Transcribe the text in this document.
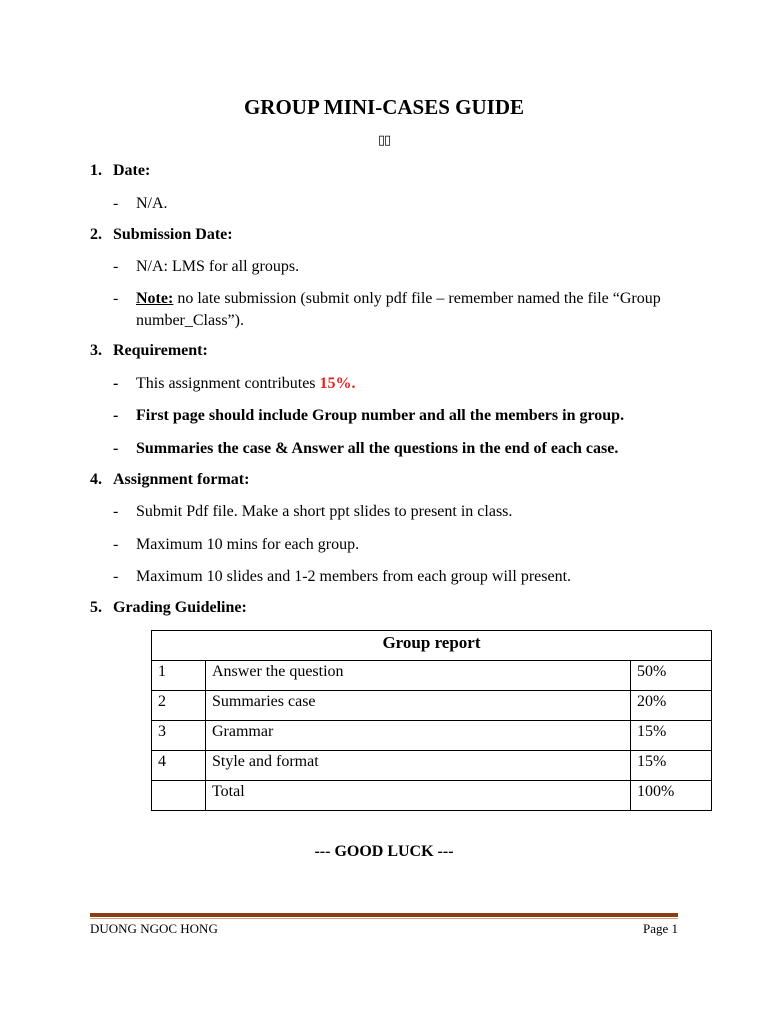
GROUP MINI-CASES GUIDE
▯▯
1. Date:
- N/A.
2. Submission Date:
- N/A: LMS for all groups.
- Note: no late submission (submit only pdf file – remember named the file “Group number_Class”).
3. Requirement:
- This assignment contributes 15%.
- First page should include Group number and all the members in group.
- Summaries the case & Answer all the questions in the end of each case.
4. Assignment format:
- Submit Pdf file. Make a short ppt slides to present in class.
- Maximum 10 mins for each group.
- Maximum 10 slides and 1-2 members from each group will present.
5. Grading Guideline:
Group report		
1	Answer the question	50%
2	Summaries case	20%
3	Grammar	15%
4	Style and format	15%
	Total	100%
--- GOOD LUCK ---
DUONG NGOC HONG	Page 1
